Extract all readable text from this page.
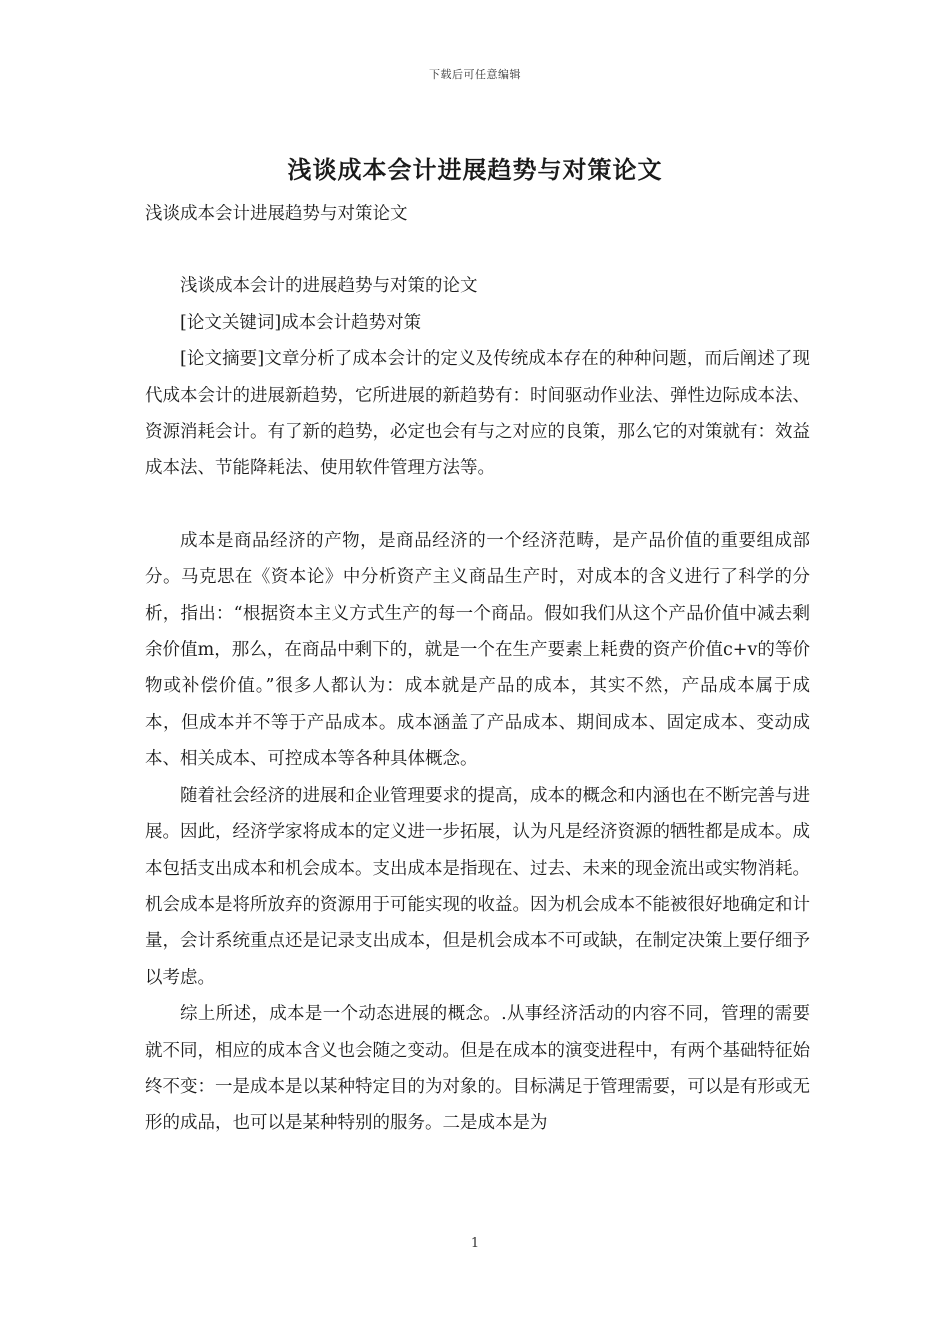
下载后可任意编辑
浅谈成本会计进展趋势与对策论文

浅谈成本会计进展趋势与对策论文

浅谈成本会计的进展趋势与对策的论文

[论文关键词]成本会计趋势对策

[论文摘要]文章分析了成本会计的定义及传统成本存在的种种问题，而后阐述了现代成本会计的进展新趋势，它所进展的新趋势有：时间驱动作业法、弹性边际成本法、资源消耗会计。有了新的趋势，必定也会有与之对应的良策，那么它的对策就有：效益成本法、节能降耗法、使用软件管理方法等。

成本是商品经济的产物，是商品经济的一个经济范畴，是产品价值的重要组成部分。马克思在《资本论》中分析资产主义商品生产时，对成本的含义进行了科学的分析，指出：“根据资本主义方式生产的每一个商品。假如我们从这个产品价值中减去剩余价值m，那么，在商品中剩下的，就是一个在生产要素上耗费的资产价值c+v的等价物或补偿价值。”很多人都认为：成本就是产品的成本，其实不然，产品成本属于成本，但成本并不等于产品成本。成本涵盖了产品成本、期间成本、固定成本、变动成本、相关成本、可控成本等各种具体概念。

随着社会经济的进展和企业管理要求的提高，成本的概念和内涵也在不断完善与进展。因此，经济学家将成本的定义进一步拓展，认为凡是经济资源的牺牲都是成本。成本包括支出成本和机会成本。支出成本是指现在、过去、未来的现金流出或实物消耗。机会成本是将所放弃的资源用于可能实现的收益。因为机会成本不能被很好地确定和计量，会计系统重点还是记录支出成本，但是机会成本不可或缺，在制定决策上要仔细予以考虑。

综上所述，成本是一个动态进展的概念。.从事经济活动的内容不同，管理的需要就不同，相应的成本含义也会随之变动。但是在成本的演变进程中，有两个基础特征始终不变：一是成本是以某种特定目的为对象的。目标满足于管理需要，可以是有形或无形的成品，也可以是某种特别的服务。二是成本是为

1
